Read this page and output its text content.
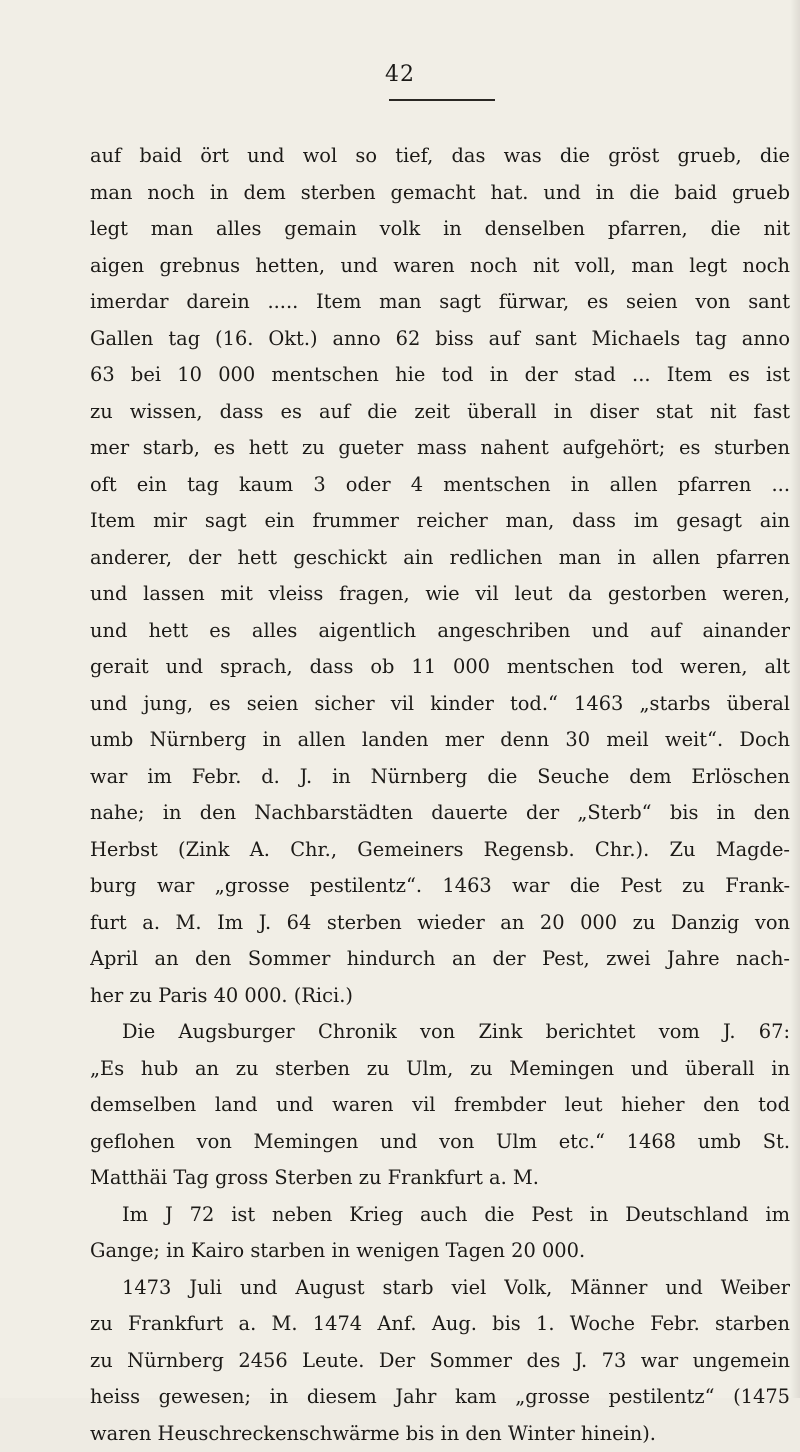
42
auf baid ört und wol so tief, das was die gröst grueb, die
man noch in dem sterben gemacht hat. und in die baid grueb
legt man alles gemain volk in denselben pfarren, die nit
aigen grebnus hetten, und waren noch nit voll, man legt noch
imerdar darein ..... Item man sagt fürwar, es seien von sant
Gallen tag (16. Okt.) anno 62 biss auf sant Michaels tag anno
63 bei 10 000 mentschen hie tod in der stad ... Item es ist
zu wissen, dass es auf die zeit überall in diser stat nit fast
mer starb, es hett zu gueter mass nahent aufgehört; es sturben
oft ein tag kaum 3 oder 4 mentschen in allen pfarren ...
Item mir sagt ein frummer reicher man, dass im gesagt ain
anderer, der hett geschickt ain redlichen man in allen pfarren
und lassen mit vleiss fragen, wie vil leut da gestorben weren,
und hett es alles aigentlich angeschriben und auf ainander
gerait und sprach, dass ob 11 000 mentschen tod weren, alt
und jung, es seien sicher vil kinder tod.“ 1463 „starbs überal
umb Nürnberg in allen landen mer denn 30 meil weit“. Doch
war im Febr. d. J. in Nürnberg die Seuche dem Erlöschen
nahe; in den Nachbarstädten dauerte der „Sterb“ bis in den
Herbst (Zink A. Chr., Gemeiners Regensb. Chr.). Zu Magde-
burg war „grosse pestilentz“. 1463 war die Pest zu Frank-
furt a. M. Im J. 64 sterben wieder an 20 000 zu Danzig von
April an den Sommer hindurch an der Pest, zwei Jahre nach-
her zu Paris 40 000. (Rici.)
Die Augsburger Chronik von Zink berichtet vom J. 67:
„Es hub an zu sterben zu Ulm, zu Memingen und überall in
demselben land und waren vil frembder leut hieher den tod
geflohen von Memingen und von Ulm etc.“ 1468 umb St.
Matthäi Tag gross Sterben zu Frankfurt a. M.
Im J 72 ist neben Krieg auch die Pest in Deutschland im
Gange; in Kairo starben in wenigen Tagen 20 000.
1473 Juli und August starb viel Volk, Männer und Weiber
zu Frankfurt a. M. 1474 Anf. Aug. bis 1. Woche Febr. starben
zu Nürnberg 2456 Leute. Der Sommer des J. 73 war ungemein
heiss gewesen; in diesem Jahr kam „grosse pestilentz“ (1475
waren Heuschreckenschwärme bis in den Winter hinein).
